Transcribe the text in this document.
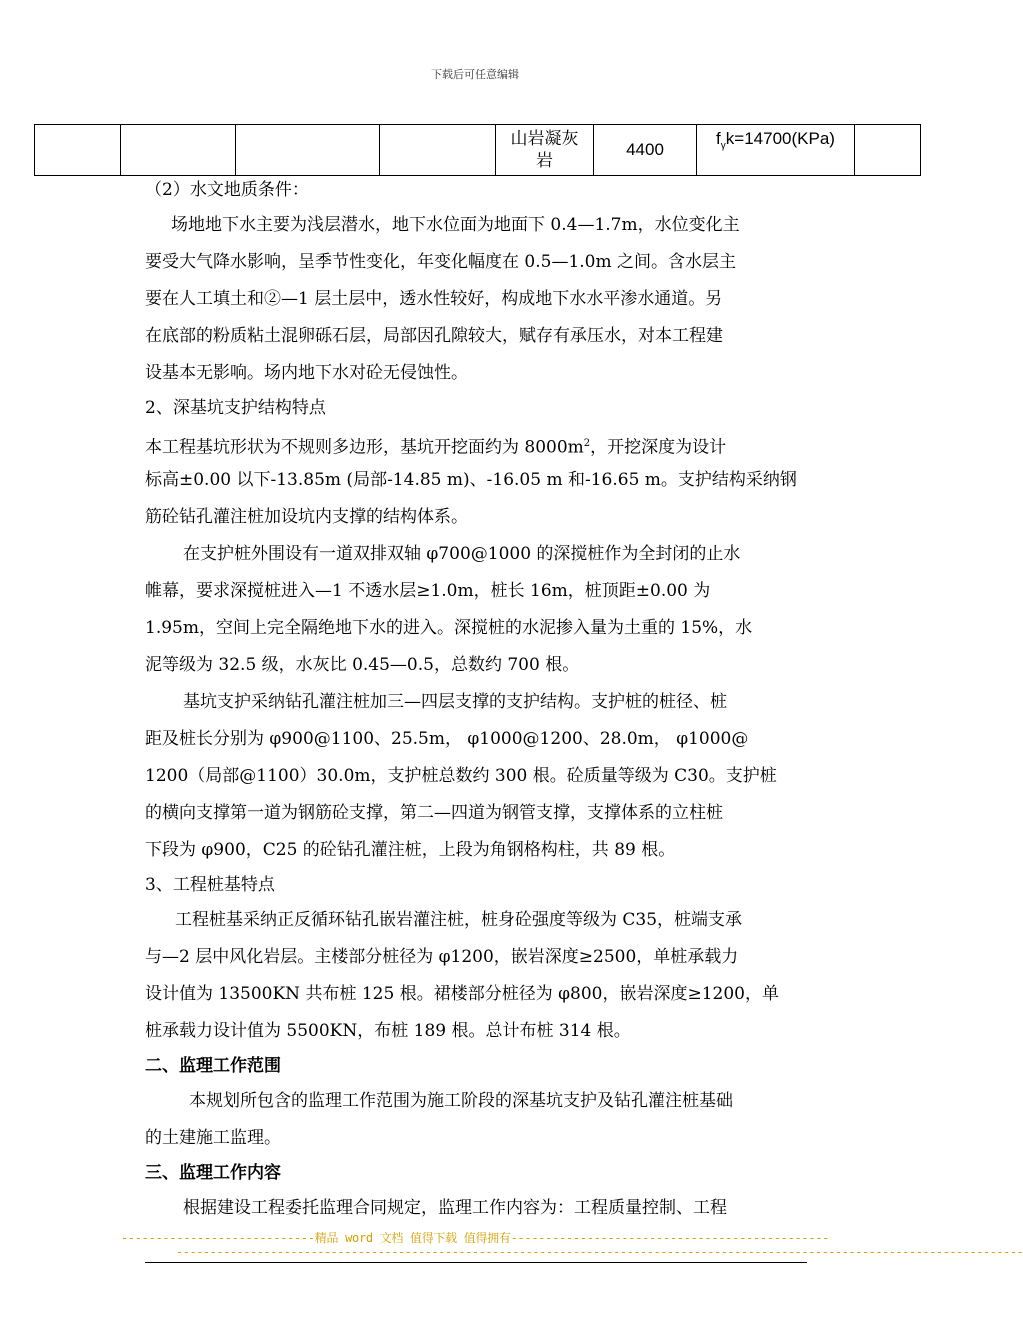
下载后可任意编辑
				山岩凝灰岩	4400	$f_\gamma k=14700(KPa)$	
（2）水文地质条件：
场地地下水主要为浅层潜水，地下水位面为地面下 0.4—1.7m，水位变化主
要受大气降水影响，呈季节性变化，年变化幅度在 0.5—1.0m 之间。含水层主
要在人工填土和②—1 层土层中，透水性较好，构成地下水水平渗水通道。另
在底部的粉质粘土混卵砾石层，局部因孔隙较大，赋存有承压水，对本工程建
设基本无影响。场内地下水对砼无侵蚀性。
2、深基坑支护结构特点
本工程基坑形状为不规则多边形，基坑开挖面约为 $8000m^2$，开挖深度为设计
标高±0.00 以下-13.85m (局部-14.85 m)、-16.05 m 和-16.65 m。支护结构采纳钢
筋砼钻孔灌注桩加设坑内支撑的结构体系。
在支护桩外围设有一道双排双轴 φ700@1000 的深搅桩作为全封闭的止水
帷幕，要求深搅桩进入—1 不透水层≥1.0m，桩长 16m，桩顶距±0.00 为
1.95m，空间上完全隔绝地下水的进入。深搅桩的水泥掺入量为土重的 15%，水
泥等级为 32.5 级，水灰比 0.45—0.5，总数约 700 根。
基坑支护采纳钻孔灌注桩加三—四层支撑的支护结构。支护桩的桩径、桩
距及桩长分别为 φ900@1100、25.5m， φ1000@1200、28.0m， φ1000@
1200（局部@1100）30.0m，支护桩总数约 300 根。砼质量等级为 C30。支护桩
的横向支撑第一道为钢筋砼支撑，第二—四道为钢管支撑，支撑体系的立柱桩
下段为 φ900，C25 的砼钻孔灌注桩，上段为角钢格构柱，共 89 根。
3、工程桩基特点
工程桩基采纳正反循环钻孔嵌岩灌注桩，桩身砼强度等级为 C35，桩端支承
与—2 层中风化岩层。主楼部分桩径为 φ1200，嵌岩深度≥2500，单桩承载力
设计值为 13500KN 共布桩 125 根。裙楼部分桩径为 φ800，嵌岩深度≥1200，单
桩承载力设计值为 5500KN，布桩 189 根。总计布桩 314 根。
二、监理工作范围
本规划所包含的监理工作范围为施工阶段的深基坑支护及钻孔灌注桩基础
的土建施工监理。
三、监理工作内容
根据建设工程委托监理合同规定，监理工作内容为：工程质量控制、工程
----------------------------精品 word 文档 值得下载 值得拥有----------------------------------------------
------------------------------------------------------------------------------------------------------------------------------
